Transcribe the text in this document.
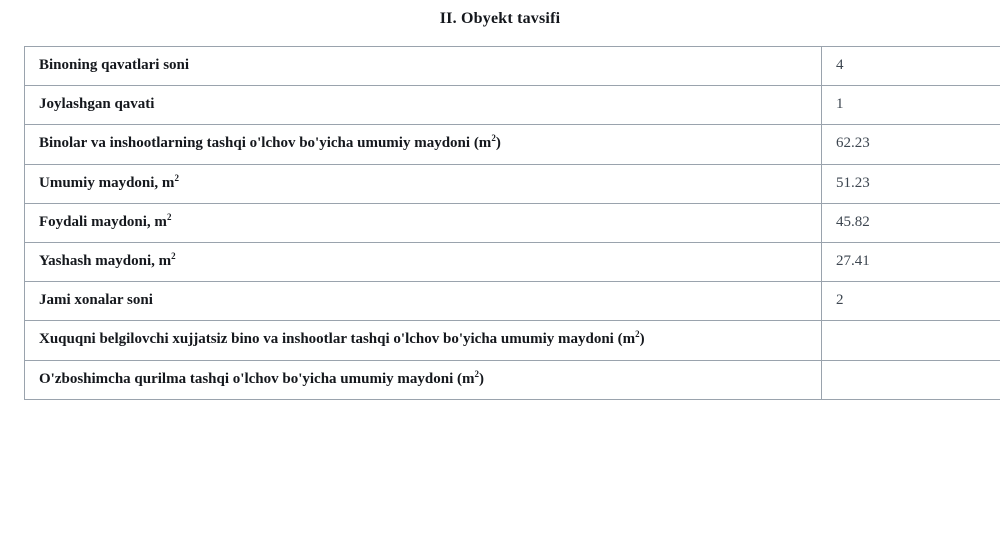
II. Obyekt tavsifi
Binoning qavatlari soni	4
Joylashgan qavati	1
Binolar va inshootlarning tashqi o'lchov bo'yicha umumiy maydoni $(m^2)$	62.23
Umumiy maydoni, $m^2$	51.23
Foydali maydoni, $m^2$	45.82
Yashash maydoni, $m^2$	27.41
Jami xonalar soni	2
Xuquqni belgilovchi xujjatsiz bino va inshootlar tashqi o'lchov bo'yicha umumiy maydoni $(m^2)$	
O'zboshimcha qurilma tashqi o'lchov bo'yicha umumiy maydoni $(m^2)$	
